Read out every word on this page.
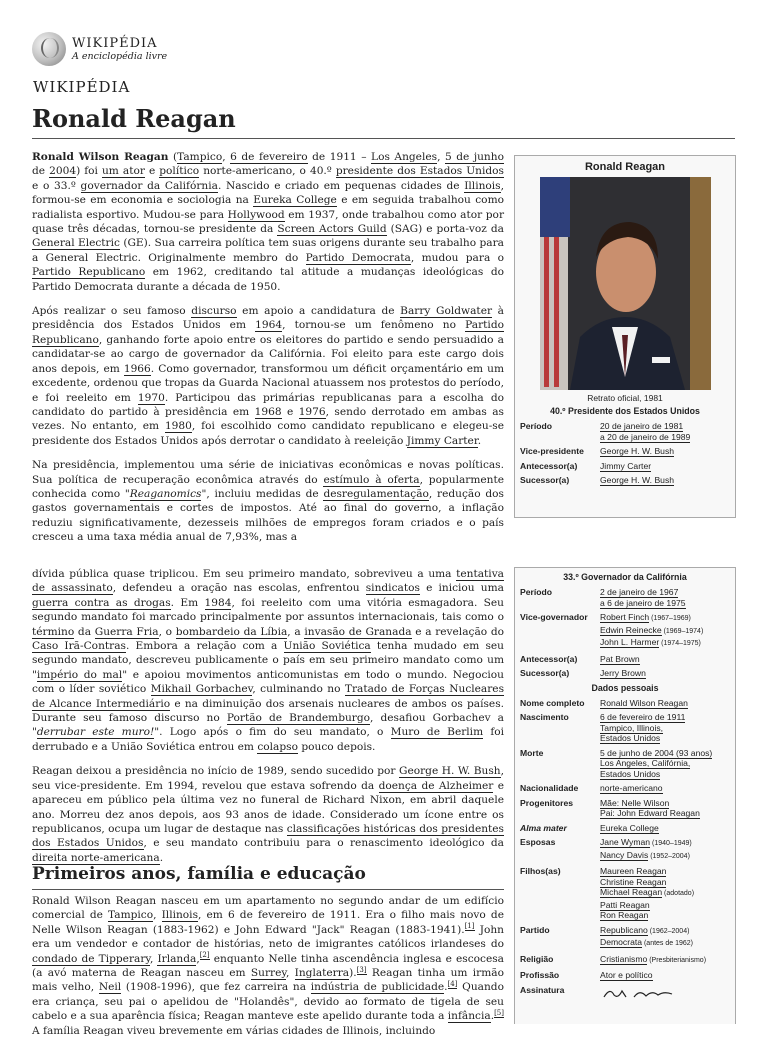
WIKIPÉDIA
A enciclopédia livre
WIKIPÉDIA
Ronald Reagan

Ronald Wilson Reagan (Tampico, 6 de fevereiro de 1911 – Los Angeles, 5 de junho de 2004) foi um ator e político norte-americano, o 40.º presidente dos Estados Unidos e o 33.º governador da Califórnia. Nascido e criado em pequenas cidades de Illinois, formou-se em economia e sociologia na Eureka College e em seguida trabalhou como radialista esportivo. Mudou-se para Hollywood em 1937, onde trabalhou como ator por quase três décadas, tornou-se presidente da Screen Actors Guild (SAG) e porta-voz da General Electric (GE). Sua carreira política tem suas origens durante seu trabalho para a General Electric. Originalmente membro do Partido Democrata, mudou para o Partido Republicano em 1962, creditando tal atitude a mudanças ideológicas do Partido Democrata durante a década de 1950.

Após realizar o seu famoso discurso em apoio a candidatura de Barry Goldwater à presidência dos Estados Unidos em 1964, tornou-se um fenômeno no Partido Republicano, ganhando forte apoio entre os eleitores do partido e sendo persuadido a candidatar-se ao cargo de governador da Califórnia. Foi eleito para este cargo dois anos depois, em 1966. Como governador, transformou um déficit orçamentário em um excedente, ordenou que tropas da Guarda Nacional atuassem nos protestos do período, e foi reeleito em 1970. Participou das primárias republicanas para a escolha do candidato do partido à presidência em 1968 e 1976, sendo derrotado em ambas as vezes. No entanto, em 1980, foi escolhido como candidato republicano e elegeu-se presidente dos Estados Unidos após derrotar o candidato à reeleição Jimmy Carter.

Na presidência, implementou uma série de iniciativas econômicas e novas políticas. Sua política de recuperação econômica através do estímulo à oferta, popularmente conhecida como "Reaganomics", incluiu medidas de desregulamentação, redução dos gastos governamentais e cortes de impostos. Até ao final do governo, a inflação reduziu significativamente, dezesseis milhões de empregos foram criados e o país cresceu a uma taxa média anual de 7,93%, mas a

Ronald Reagan
Retrato oficial, 1981
40.º Presidente dos Estados Unidos
Período	20 de janeiro de 1981
a 20 de janeiro de 1989
Vice-presidente	George H. W. Bush
Antecessor(a)	Jimmy Carter
Sucessor(a)	George H. W. Bush

dívida pública quase triplicou. Em seu primeiro mandato, sobreviveu a uma tentativa de assassinato, defendeu a oração nas escolas, enfrentou sindicatos e iniciou uma guerra contra as drogas. Em 1984, foi reeleito com uma vitória esmagadora. Seu segundo mandato foi marcado principalmente por assuntos internacionais, tais como o término da Guerra Fria, o bombardeio da Líbia, a invasão de Granada e a revelação do Caso Irã-Contras. Embora a relação com a União Soviética tenha mudado em seu segundo mandato, descreveu publicamente o país em seu primeiro mandato como um "império do mal" e apoiou movimentos anticomunistas em todo o mundo. Negociou com o líder soviético Mikhail Gorbachev, culminando no Tratado de Forças Nucleares de Alcance Intermediário e na diminuição dos arsenais nucleares de ambos os países. Durante seu famoso discurso no Portão de Brandemburgo, desafiou Gorbachev a "derrubar este muro!". Logo após o fim do seu mandato, o Muro de Berlim foi derrubado e a União Soviética entrou em colapso pouco depois.

Reagan deixou a presidência no início de 1989, sendo sucedido por George H. W. Bush, seu vice-presidente. Em 1994, revelou que estava sofrendo da doença de Alzheimer e apareceu em público pela última vez no funeral de Richard Nixon, em abril daquele ano. Morreu dez anos depois, aos 93 anos de idade. Considerado um ícone entre os republicanos, ocupa um lugar de destaque nas classificações históricas dos presidentes dos Estados Unidos, e seu mandato contribuiu para o renascimento ideológico da direita norte-americana.

Primeiros anos, família e educação

Ronald Wilson Reagan nasceu em um apartamento no segundo andar de um edifício comercial de Tampico, Illinois, em 6 de fevereiro de 1911. Era o filho mais novo de Nelle Wilson Reagan (1883-1962) e John Edward "Jack" Reagan (1883-1941).[1] John era um vendedor e contador de histórias, neto de imigrantes católicos irlandeses do condado de Tipperary, Irlanda,[2] enquanto Nelle tinha ascendência inglesa e escocesa (a avó materna de Reagan nasceu em Surrey, Inglaterra).[3] Reagan tinha um irmão mais velho, Neil (1908-1996), que fez carreira na indústria de publicidade.[4] Quando era criança, seu pai o apelidou de "Holandês", devido ao formato de tigela de seu cabelo e a sua aparência física; Reagan manteve este apelido durante toda a infância.[5] A família Reagan viveu brevemente em várias cidades de Illinois, incluindo

33.º Governador da Califórnia
Período	2 de janeiro de 1967
a 6 de janeiro de 1975
Vice-governador	Robert Finch (1967–1969)
Edwin Reinecke (1969–1974)
John L. Harmer (1974–1975)
Antecessor(a)	Pat Brown
Sucessor(a)	Jerry Brown
Dados pessoais
Nome completo	Ronald Wilson Reagan
Nascimento	6 de fevereiro de 1911
Tampico, Illinois,
Estados Unidos
Morte	5 de junho de 2004 (93 anos)
Los Angeles, Califórnia,
Estados Unidos
Nacionalidade	norte-americano
Progenitores	Mãe: Nelle Wilson
Pai: John Edward Reagan
Alma mater	Eureka College
Esposas	Jane Wyman (1940–1949)
Nancy Davis (1952–2004)
Filhos(as)	Maureen Reagan
Christine Reagan
Michael Reagan (adotado)
Patti Reagan
Ron Reagan
Partido	Republicano (1962–2004)
Democrata (antes de 1962)
Religião	Cristianismo (Presbiterianismo)
Profissão	Ator e político
Assinatura
